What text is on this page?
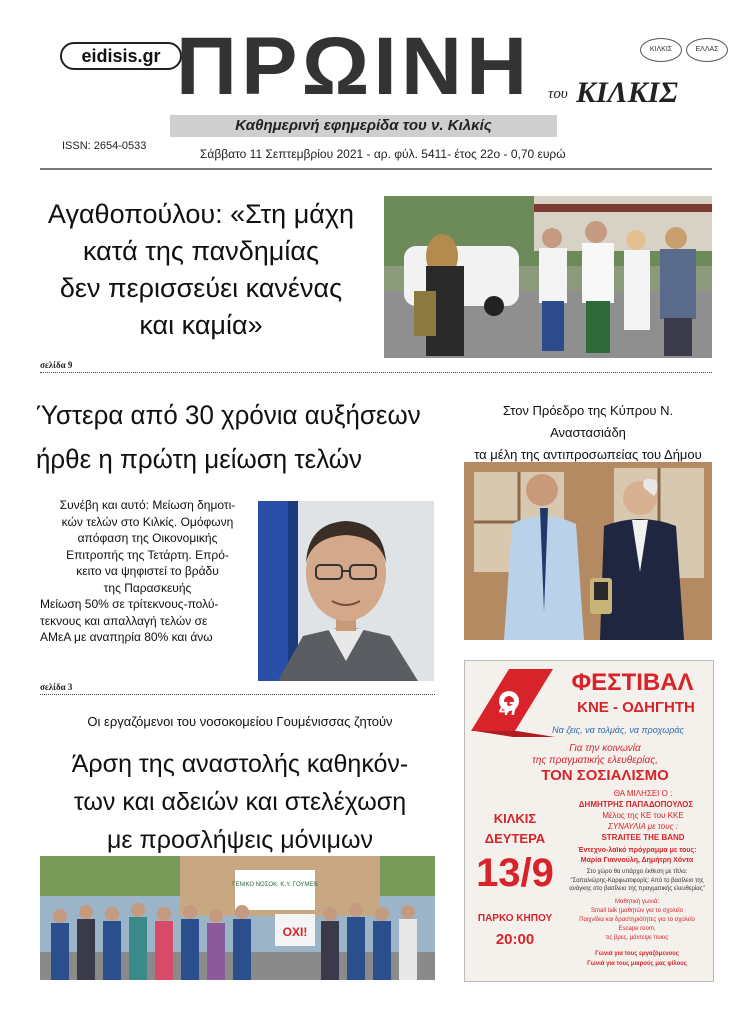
eidisis.gr ΠΡΩΙΝΗ του ΚΙΛΚΙΣ
ΚΙΛΚΙΣ	ΕΛΛΑΣ
Καθημερινή εφημερίδα του ν. Κιλκίς
ISSN: 2654-0533
Σάββατο 11 Σεπτεμβρίου 2021 - αρ. φύλ. 5411- έτος 22ο - 0,70 ευρώ
Αγαθοπούλου: «Στη μάχη
κατά της πανδημίας
δεν περισσεύει κανένας
και καμία»
σελίδα 9
Ύστερα από 30 χρόνια αυξήσεων
ήρθε η πρώτη μείωση τελών
Συνέβη και αυτό: Μείωση δημοτι-
κών τελών στο Κιλκίς. Ομόφωνη
απόφαση της Οικονομικής
Επιτροπής της Τετάρτη. Επρό-
κειτο να ψηφιστεί το βράδυ
της Παρασκευής
Μείωση 50% σε τρίτεκνους-πολύ-
τεκνους και απαλλαγή τελών σε
ΑΜεΑ με αναπηρία 80% και άνω
σελίδα 3
Στον Πρόεδρο της Κύπρου Ν. Αναστασιάδη
τα μέλη της αντιπροσωπείας του Δήμου
47
ΦΕΣΤΙΒΑΛ
ΚΝΕ - ΟΔΗΓΗΤΗ
Να ζεις, να τολμάς, να προχωράς
Για την κοινωνία
της πραγματικής ελευθερίας,
ΤΟΝ ΣΟΣΙΑΛΙΣΜΟ
ΘΑ ΜΙΛΗΣΕΙ Ο :
ΔΗΜΗΤΡΗΣ ΠΑΠΑΔΟΠΟΥΛΟΣ
Μέλος της ΚΕ του ΚΚΕ
ΣΥΝΑΥΛΙΑ με τους :
STRAITEE THE BAND
ΚΙΛΚΙΣ
ΔΕΥΤΕΡΑ
13/9
ΠΑΡΚΟ ΚΗΠΟΥ
20:00
Έντεχνο-λαϊκό πρόγραμμα με τους:
Μαρία Γιαννούλη, Δημήτρη Χόντα
Στο χώρο θα υπάρχει έκθεση με τίτλο:
"Σαπαλιώρης-Καρφωτοφορίς: Από το βασίλειο της ανάγκης στο βασίλειο της πραγματικής ελευθερίας"
Μαθητική γωνιά:
Small talk (μαθητών για το σχολείο
Παιχνίδια και δραστηριότητες για το σχολείο
Escape room,
τις βρες, μάντεψε ποιος
Γωνιά για τους εργαζόμενους
Γωνιά για τους μικρούς μας φίλους
Οι εργαζόμενοι του νοσοκομείου Γουμένισσας ζητούν
Άρση της αναστολής καθηκόν-
των και αδειών και στελέχωση
με προσλήψεις μόνιμων
ΓΕΝΙΚΟ ΝΟΣΟΚ. Κ.Υ. ΓΟΥΜΕΝ
ΟΧΙ!
